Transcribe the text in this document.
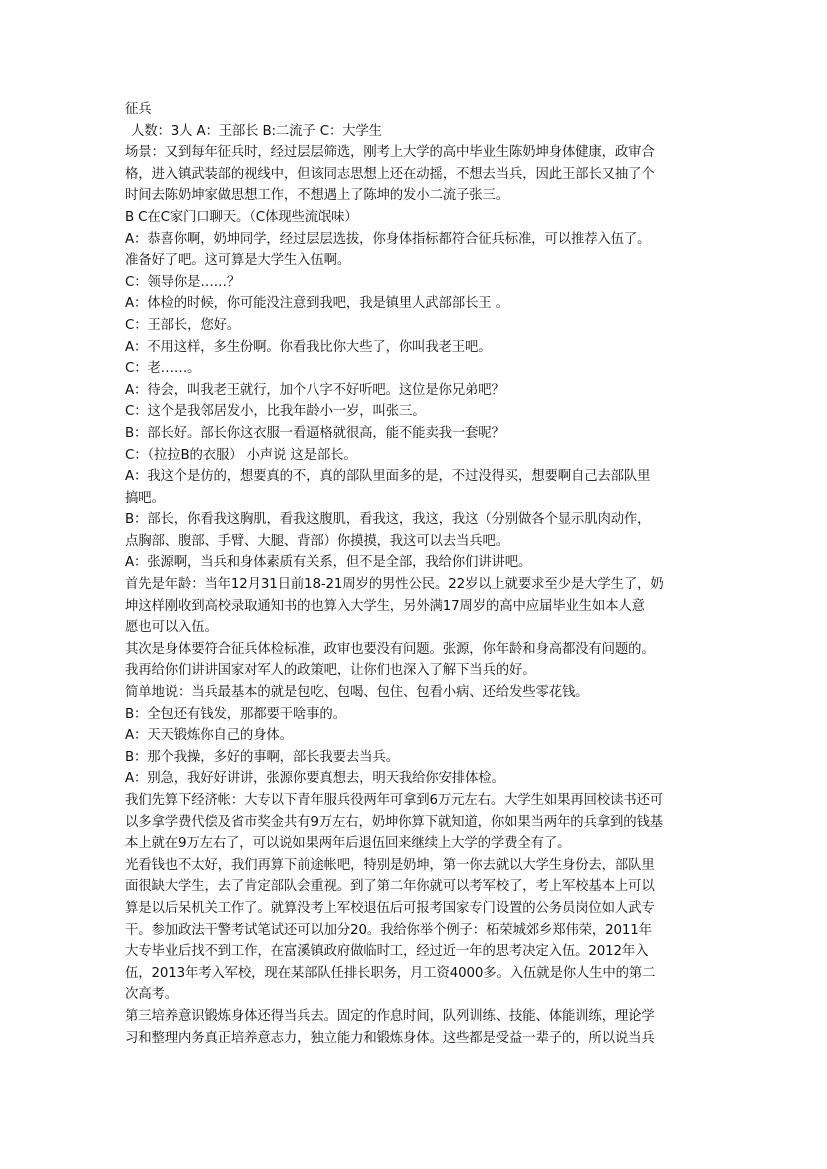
征兵
人数：3人 A：王部长 B:二流子 C：大学生
场景：又到每年征兵时，经过层层筛选，刚考上大学的高中毕业生陈奶坤身体健康，政审合
格，进入镇武装部的视线中，但该同志思想上还在动摇，不想去当兵，因此王部长又抽了个
时间去陈奶坤家做思想工作，不想遇上了陈坤的发小二流子张三。
B C在C家门口聊天。（C体现些流氓味）
A：恭喜你啊，奶坤同学，经过层层选拔，你身体指标都符合征兵标准，可以推荐入伍了。
准备好了吧。这可算是大学生入伍啊。
C：领导你是……？
A：体检的时候，你可能没注意到我吧，我是镇里人武部部长王 。
C：王部长，您好。
A：不用这样，多生份啊。你看我比你大些了，你叫我老王吧。
C：老……。
A：待会，叫我老王就行，加个八字不好听吧。这位是你兄弟吧？
C：这个是我邻居发小，比我年龄小一岁，叫张三。
B：部长好。部长你这衣服一看逼格就很高，能不能卖我一套呢？
C：（拉拉B的衣服） 小声说 这是部长。
A：我这个是仿的，想要真的不，真的部队里面多的是，不过没得买，想要啊自己去部队里
搞吧。
B：部长，你看我这胸肌，看我这腹肌，看我这，我这，我这（分别做各个显示肌肉动作，
点胸部、腹部、手臂、大腿、背部）你摸摸，我这可以去当兵吧。
A：张源啊，当兵和身体素质有关系，但不是全部，我给你们讲讲吧。
首先是年龄：当年12月31日前18-21周岁的男性公民。22岁以上就要求至少是大学生了，奶
坤这样刚收到高校录取通知书的也算入大学生，另外满17周岁的高中应届毕业生如本人意
愿也可以入伍。
其次是身体要符合征兵体检标准，政审也要没有问题。张源，你年龄和身高都没有问题的。
我再给你们讲讲国家对军人的政策吧，让你们也深入了解下当兵的好。
简单地说：当兵最基本的就是包吃、包喝、包住、包看小病、还给发些零花钱。
B：全包还有钱发，那都要干啥事的。
A：天天锻炼你自己的身体。
B：那个我操，多好的事啊，部长我要去当兵。
A：别急，我好好讲讲，张源你要真想去，明天我给你安排体检。
我们先算下经济帐：大专以下青年服兵役两年可拿到6万元左右。大学生如果再回校读书还可
以多拿学费代偿及省市奖金共有9万左右，奶坤你算下就知道，你如果当两年的兵拿到的钱基
本上就在9万左右了，可以说如果两年后退伍回来继续上大学的学费全有了。
光看钱也不太好，我们再算下前途帐吧，特别是奶坤，第一你去就以大学生身份去，部队里
面很缺大学生，去了肯定部队会重视。到了第二年你就可以考军校了，考上军校基本上可以
算是以后呆机关工作了。就算没考上军校退伍后可报考国家专门设置的公务员岗位如人武专
干。参加政法干警考试笔试还可以加分20。我给你举个例子：柘荣城郊乡郑伟荣，2011年
大专毕业后找不到工作，在富溪镇政府做临时工，经过近一年的思考决定入伍。2012年入
伍，2013年考入军校，现在某部队任排长职务，月工资4000多。入伍就是你人生中的第二
次高考。
第三培养意识锻炼身体还得当兵去。固定的作息时间，队列训练、技能、体能训练，理论学
习和整理内务真正培养意志力，独立能力和锻炼身体。这些都是受益一辈子的，所以说当兵
